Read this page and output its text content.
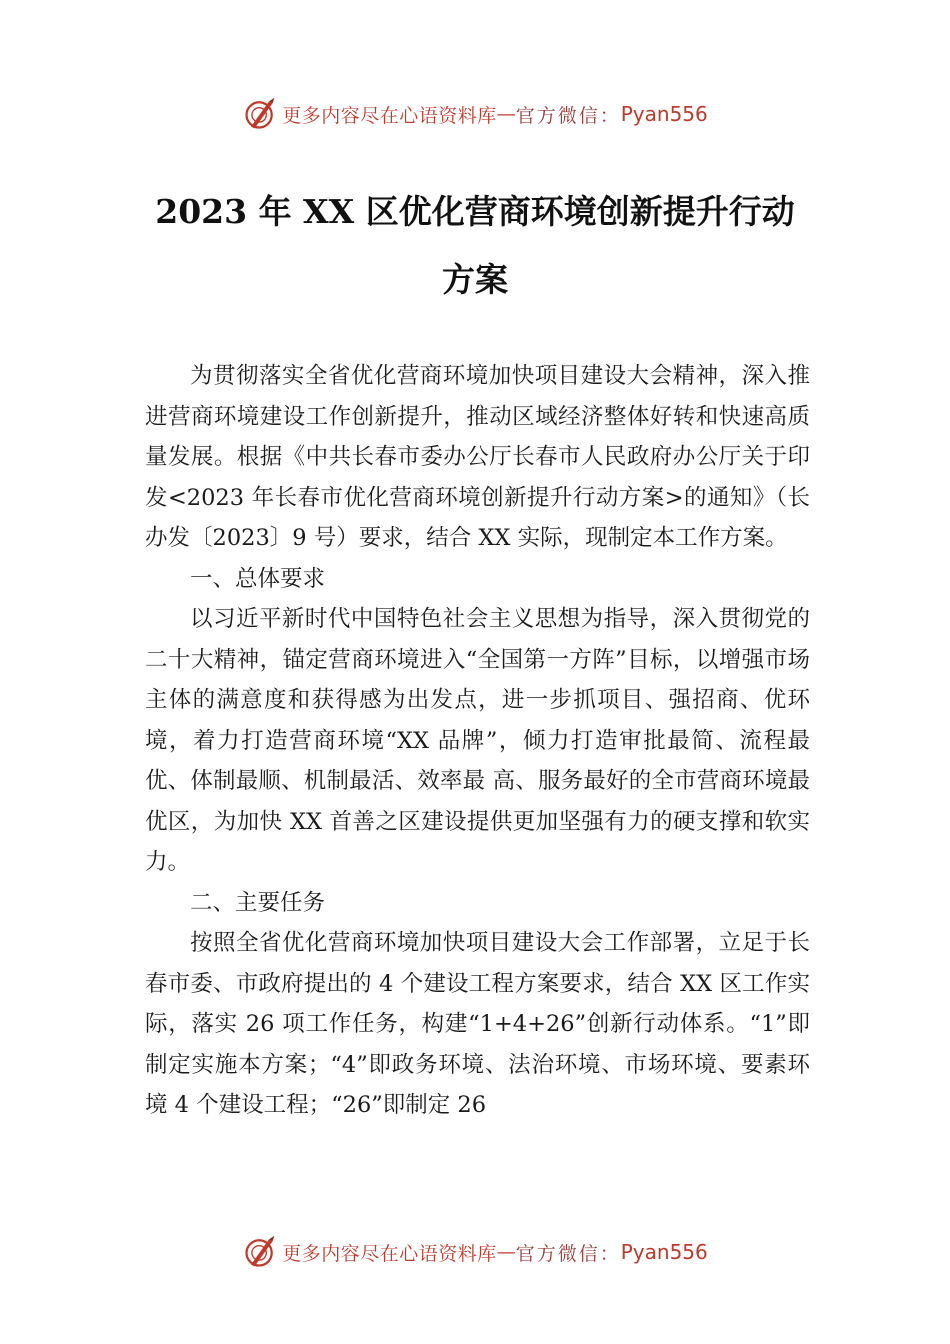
更多内容尽在心语资料库 — 官方微信： Pyan556
2023 年 XX 区优化营商环境创新提升行动
方案

为贯彻落实全省优化营商环境加快项目建设大会精神，深入推进营商环境建设工作创新提升，推动区域经济整体好转和快速高质量发展。根据《中共长春市委办公厅长春市人民政府办公厅关于印发<2023 年长春市优化营商环境创新提升行动方案>的通知》（长办发〔2023〕9 号）要求，结合 XX 实际，现制定本工作方案。

一、总体要求

以习近平新时代中国特色社会主义思想为指导，深入贯彻党的二十大精神，锚定营商环境进入“全国第一方阵”目标，以增强市场主体的满意度和获得感为出发点，进一步抓项目、强招商、优环境，着力打造营商环境“XX 品牌”，倾力打造审批最简、流程最优、体制最顺、机制最活、效率最 高、服务最好的全市营商环境最优区，为加快 XX 首善之区建设提供更加坚强有力的硬支撑和软实力。

二、主要任务

按照全省优化营商环境加快项目建设大会工作部署，立足于长春市委、市政府提出的 4 个建设工程方案要求，结合 XX 区工作实际，落实 26 项工作任务，构建“1+4+26”创新行动体系。“1”即制定实施本方案；“4”即政务环境、法治环境、市场环境、要素环境 4 个建设工程；“26”即制定 26

更多内容尽在心语资料库 — 官方微信： Pyan556
